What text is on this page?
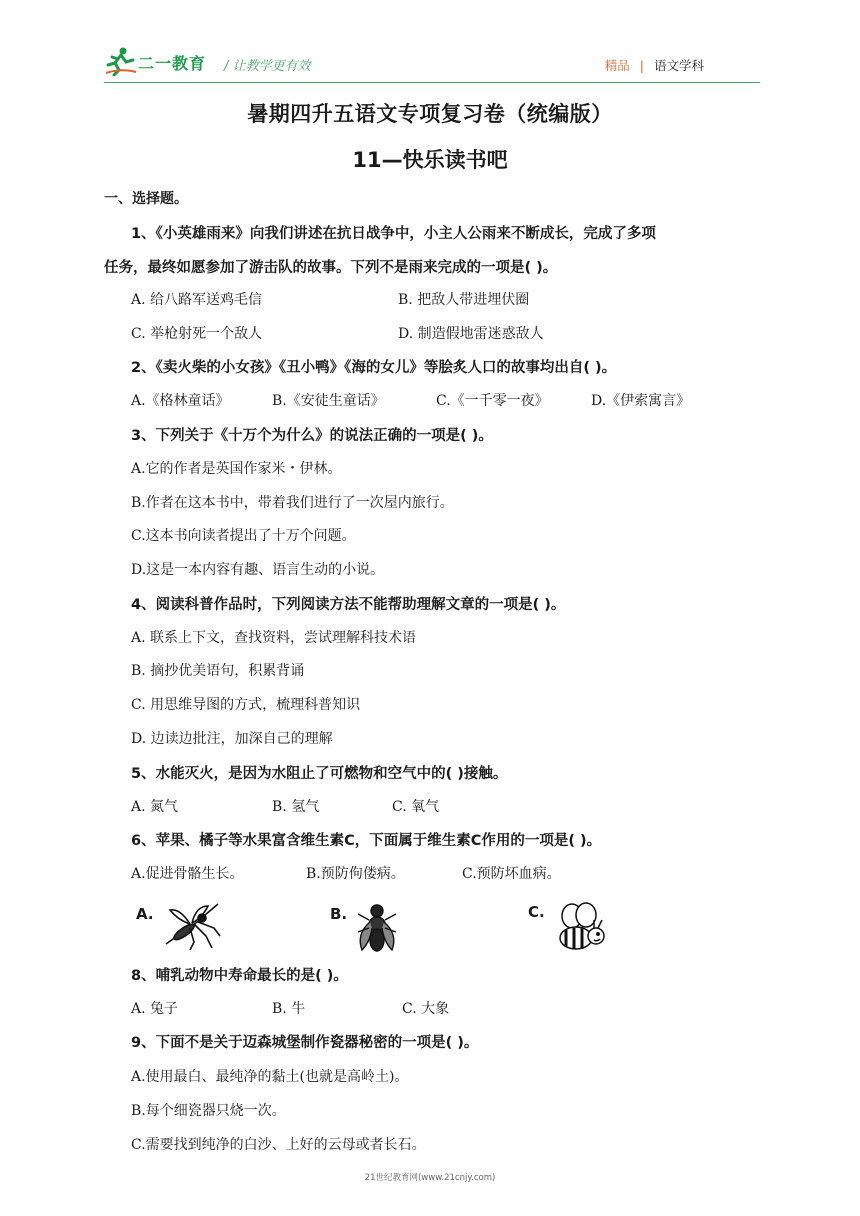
二一教育 / 让教学更有效	精品 | 语文学科
暑期四升五语文专项复习卷（统编版）
11—快乐读书吧
一、选择题。
1、《小英雄雨来》向我们讲述在抗日战争中，小主人公雨来不断成长，完成了多项
任务，最终如愿参加了游击队的故事。下列不是雨来完成的一项是( )。
A. 给八路军送鸡毛信	B. 把敌人带进埋伏圈
C. 举枪射死一个敌人	D. 制造假地雷迷惑敌人
2、《卖火柴的小女孩》《丑小鸭》《海的女儿》等脍炙人口的故事均出自( )。
A.《格林童话》	B.《安徒生童话》	C.《一千零一夜》	D.《伊索寓言》
3、下列关于《十万个为什么》的说法正确的一项是( )。
A.它的作者是英国作家米・伊林。
B.作者在这本书中，带着我们进行了一次屋内旅行。
C.这本书向读者提出了十万个问题。
D.这是一本内容有趣、语言生动的小说。
4、阅读科普作品时，下列阅读方法不能帮助理解文章的一项是( )。
A. 联系上下文，查找资料，尝试理解科技术语
B. 摘抄优美语句，积累背诵
C. 用思维导图的方式，梳理科普知识
D. 边读边批注，加深自己的理解
5、水能灭火，是因为水阻止了可燃物和空气中的( )接触。
A. 氮气	B. 氢气	C. 氧气
6、苹果、橘子等水果富含维生素C，下面属于维生素C作用的一项是( )。
A.促进骨骼生长。	B.预防佝偻病。	C.预防坏血病。
A.	B.	C.
8、哺乳动物中寿命最长的是( )。
A. 兔子	B. 牛	C. 大象
9、下面不是关于迈森城堡制作瓷器秘密的一项是( )。
A.使用最白、最纯净的黏土(也就是高岭土)。
B.每个细瓷器只烧一次。
C.需要找到纯净的白沙、上好的云母或者长石。
21世纪教育网(www.21cnjy.com)
